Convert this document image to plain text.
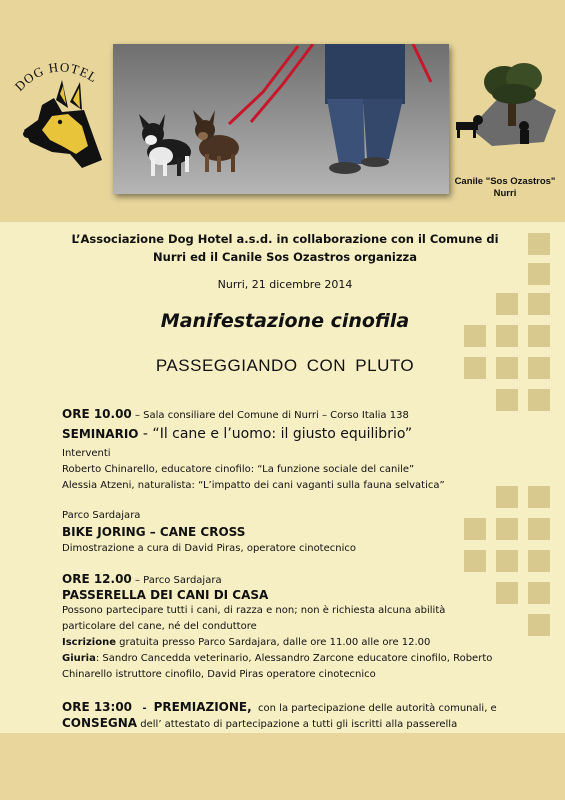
DOG HOTEL
Canile "Sos Ozastros"
Nurri
L’Associazione Dog Hotel a.s.d. in collaborazione con il Comune di
Nurri ed il Canile Sos Ozastros organizza
Nurri, 21 dicembre 2014
Manifestazione cinofila
PASSEGGIANDO CON PLUTO
ORE 10.00 – Sala consiliare del Comune di Nurri – Corso Italia 138
SEMINARIO - “Il cane e l’uomo: il giusto equilibrio”
Interventi
Roberto Chinarello, educatore cinofilo: “La funzione sociale del canile”
Alessia Atzeni, naturalista: “L’impatto dei cani vaganti sulla fauna selvatica”
Parco Sardajara
BIKE JORING – CANE CROSS
Dimostrazione a cura di David Piras, operatore cinotecnico
ORE 12.00 – Parco Sardajara
PASSERELLA DEI CANI DI CASA
Possono partecipare tutti i cani, di razza e non; non è richiesta alcuna abilità
particolare del cane, né del conduttore
Iscrizione gratuita presso Parco Sardajara, dalle ore 11.00 alle ore 12.00
Giuria: Sandro Cancedda veterinario, Alessandro Zarcone educatore cinofilo, Roberto
Chinarello istruttore cinofilo, David Piras operatore cinotecnico
ORE 13:00   -  PREMIAZIONE,  con la partecipazione delle autorità comunali, e
CONSEGNA dell’ attestato di partecipazione a tutti gli iscritti alla passerella
